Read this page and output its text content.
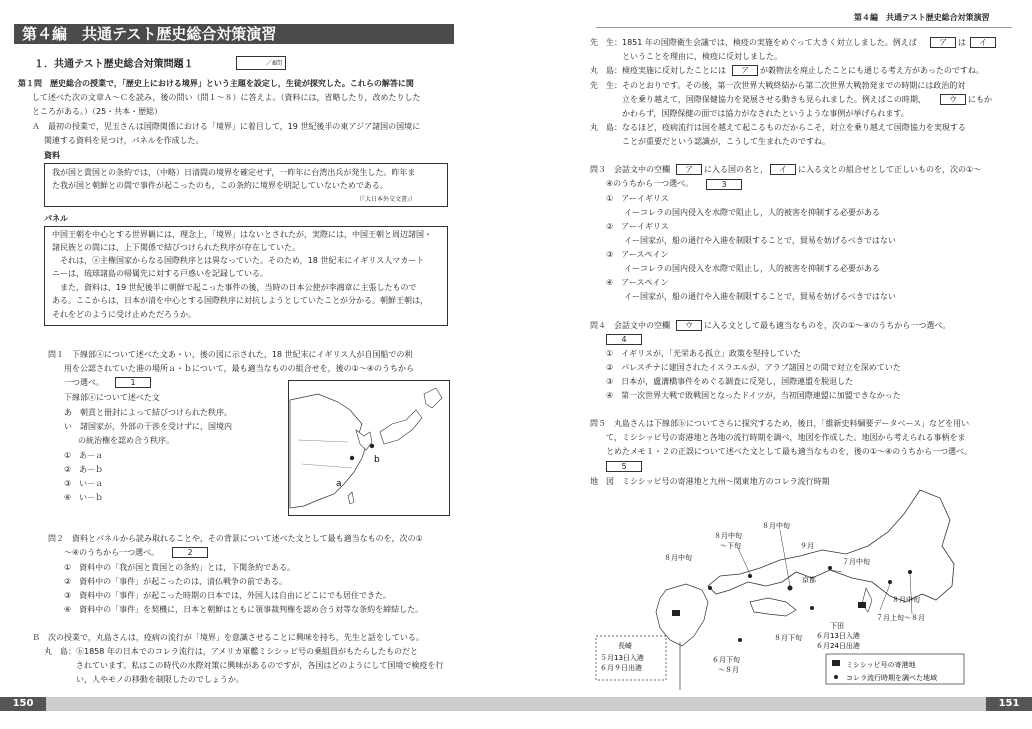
第４編　共通テスト歴史総合対策演習
１．共通テスト歴史総合対策問題１	／8問
第１問　歴史総合の授業で，「歴史上における境界」という主題を設定し，生徒が探究した。これらの解答に関
して述べた次の文章Ａ～Ｃを読み，後の問い（問１～８）に答えよ。（資料には，省略したり，改めたりした
ところがある。）（25・共本・歴総）
Ａ　最初の授業で，児玉さんは国際関係における「境界」に着目して，19 世紀後半の東アジア諸国の国境に
関連する資料を見つけ，パネルを作成した。
資料
我が国と貴国との条約では，（中略）日清間の境界を確定せず，一昨年に台湾出兵が発生した。昨年ま
た我が国と朝鮮との間で事件が起こったのも，この条約に境界を明記していないためである。
（『大日本外交文書』）
パネル
中国王朝を中心とする世界観には，理念上，「境界」はないとされたが，実際には，中国王朝と周辺諸国・
諸民族との間には，上下関係で結びつけられた秩序が存在していた。
それは，ⓐ主権国家からなる国際秩序とは異なっていた。そのため，18 世紀末にイギリス人マカート
ニーは，琉球諸島の帰属先に対する戸惑いを記録している。
また，資料は，19 世紀後半に朝鮮で起こった事件の後，当時の日本公使が李鴻章に主張したもので
ある。ここからは，日本が清を中心とする国際秩序に対抗しようとしていたことが分かる。朝鮮王朝は，
それをどのように受け止めただろうか。
問１　下線部ⓐについて述べた文あ・い，後の図に示された，18 世紀末にイギリス人が自国船での利
用を公認されていた港の場所ａ・ｂについて，最も適当なものの組合せを，後の①～④のうちから
一つ選べ。	1
下線部ⓐについて述べた文
あ　朝貢と冊封によって結びつけられた秩序。
い　諸国家が，外部の干渉を受けずに，国境内
の統治権を認め合う秩序。
①　あ－ａ
②　あ－ｂ
③　い－ａ
④　い－ｂ
a
b
問２　資料とパネルから読み取れることや，その背景について述べた文として最も適当なものを，次の①
～④のうちから一つ選べ。	2
①　資料中の「我が国と貴国との条約」とは，下関条約である。
②　資料中の「事件」が起こったのは，清仏戦争の前である。
③　資料中の「事件」が起こった時期の日本では，外国人は自由にどこにでも居住できた。
④　資料中の「事件」を契機に，日本と朝鮮はともに領事裁判権を認め合う対等な条約を締結した。
Ｂ　次の授業で，丸島さんは，疫病の流行が「境界」を意識させることに興味を持ち，先生と話をしている。
丸　島：ⓑ1858 年の日本でのコレラ流行は，アメリカ軍艦ミシシッピ号の乗組員がもたらしたものだと
されています。私はこの時代の水際対策に興味があるのですが，各国はどのようにして国境で検疫を行
い，人やモノの移動を制限したのでしょうか。
150
第４編　共通テスト歴史総合対策演習
先　生：1851 年の国際衛生会議では，検疫の実施をめぐって大きく対立しました。例えば	ア	は	イ
ということを理由に，検疫に反対しました。
丸　島：検疫実施に反対したことには	ア	が穀物法を廃止したことにも通じる考え方があったのですね。
先　生：そのとおりです。その後，第一次世界大戦終結から第二次世界大戦勃発までの時期には政治的対
立を乗り越えて，国際保健協力を発展させる動きも見られました。例えばこの時期，	ウ	にもか
かわらず，国際保健の面では協力がなされたというような事例が挙げられます。
丸　島：なるほど，疫病流行は国を越えて起こるものだからこそ，対立を乗り越えて国際協力を実現する
ことが重要だという認識が，こうして生まれたのですね。
問３　会話文中の空欄	ア	に入る国の名と，	イ	に入る文との組合せとして正しいものを，次の①～
④のうちから一つ選べ。	3
①　アーイギリス
イーコレラの国内侵入を水際で阻止し，人的被害を抑制する必要がある
②　アーイギリス
イー国家が，船の通行や入港を制限することで，貿易を妨げるべきではない
③　アースペイン
イーコレラの国内侵入を水際で阻止し，人的被害を抑制する必要がある
④　アースペイン
イー国家が，船の通行や入港を制限することで，貿易を妨げるべきではない
問４　会話文中の空欄	ウ	に入る文として最も適当なものを，次の①～④のうちから一つ選べ。
4
①　イギリスが，「光栄ある孤立」政策を堅持していた
②　パレスチナに建国されたイスラエルが，アラブ諸国との間で対立を深めていた
③　日本が，盧溝橋事件をめぐる調査に反発し，国際連盟を脱退した
④　第一次世界大戦で敗戦国となったドイツが，当初国際連盟に加盟できなかった
問５　丸島さんは下線部ⓑについてさらに探究するため，後日，「維新史料綱要データベース」などを用い
て，ミシシッピ号の寄港地と各地の流行時期を調べ，地図を作成した。地図から考えられる事柄をま
とめたメモ１・２の正誤について述べた文として最も適当なものを，後の①～④のうちから一つ選べ。
5
地　図　ミシシッピ号の寄港地と九州～関東地方のコレラ流行時期
８月中旬
８月中旬
～下旬	９月
８月中旬	７月中旬
京都
８月中旬
７月上旬～８月
８月下旬
下田
６月13日入港
６月24日出港
長崎
５月13日入港
６月９日出港
６月下旬
～８月
ミシシッピ号の寄港地
コレラ流行時期を調べた地域
151
